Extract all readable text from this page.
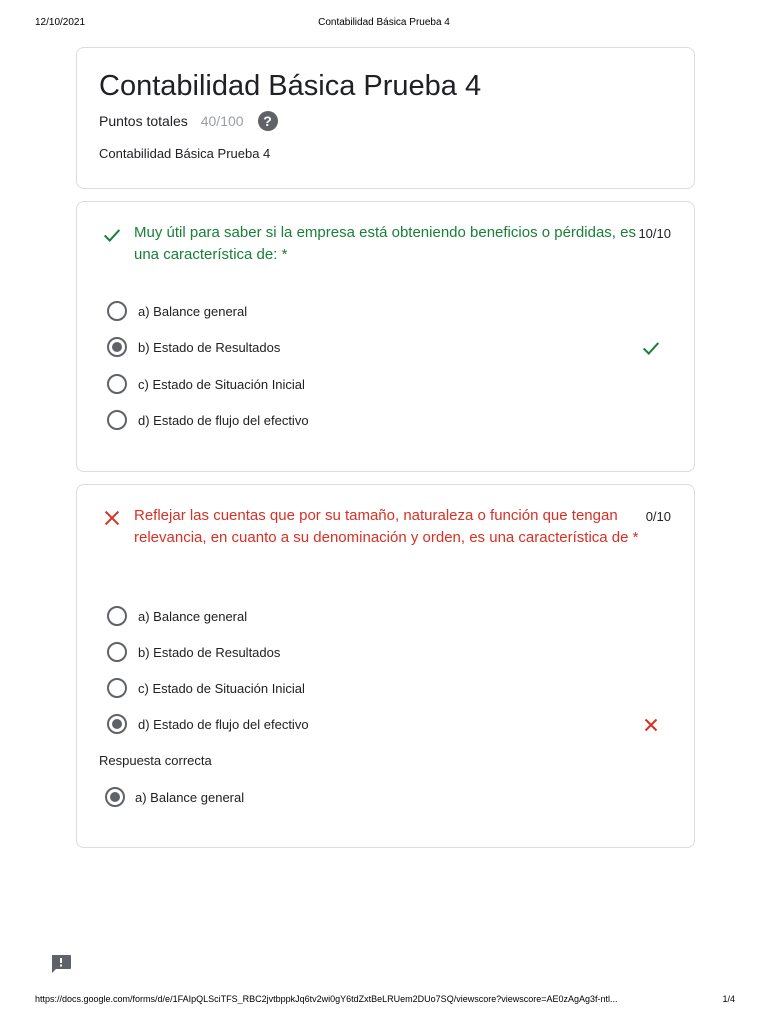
12/10/2021	Contabilidad Básica Prueba 4
Contabilidad Básica Prueba 4
Puntos totales 40/100	?
Contabilidad Básica Prueba 4
Muy útil para saber si la empresa está obteniendo beneficios o pérdidas, es una característica de: *
10/10
a) Balance general
b) Estado de Resultados
c) Estado de Situación Inicial
d) Estado de flujo del efectivo
Reflejar las cuentas que por su tamaño, naturaleza o función que tengan relevancia, en cuanto a su denominación y orden, es una característica de *
0/10
a) Balance general
b) Estado de Resultados
c) Estado de Situación Inicial
d) Estado de flujo del efectivo
Respuesta correcta
a) Balance general
https://docs.google.com/forms/d/e/1FAIpQLSciTFS_RBC2jvtbppkJq6tv2wi0gY6tdZxtBeLRUem2DUo7SQ/viewscore?viewscore=AE0zAgAg3f-ntl...	1/4
